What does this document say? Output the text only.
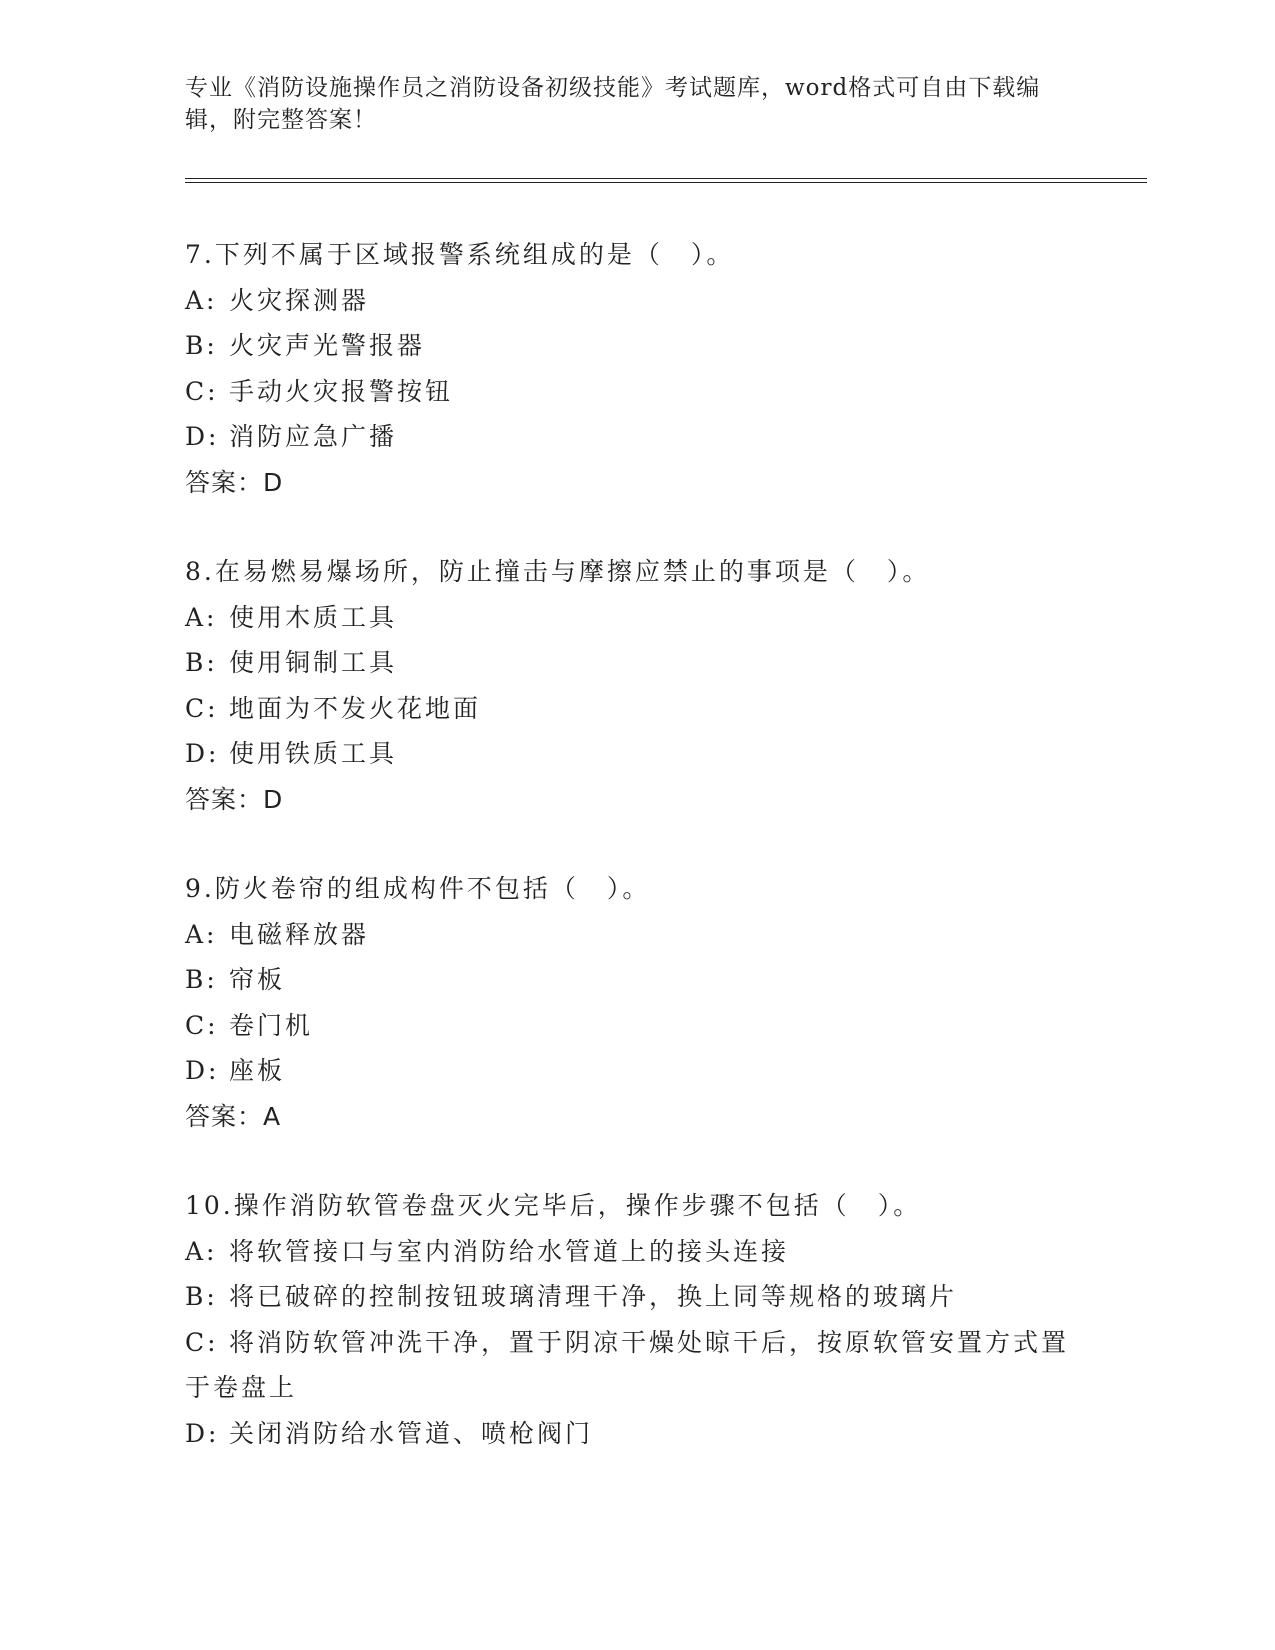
专业《消防设施操作员之消防设备初级技能》考试题库，word格式可自由下载编辑，附完整答案！
7.下列不属于区域报警系统组成的是（　）。
A: 火灾探测器
B: 火灾声光警报器
C: 手动火灾报警按钮
D: 消防应急广播
答案：D
8.在易燃易爆场所，防止撞击与摩擦应禁止的事项是（　）。
A: 使用木质工具
B: 使用铜制工具
C: 地面为不发火花地面
D: 使用铁质工具
答案：D
9.防火卷帘的组成构件不包括（　）。
A: 电磁释放器
B: 帘板
C: 卷门机
D: 座板
答案：A
10.操作消防软管卷盘灭火完毕后，操作步骤不包括（　）。
A: 将软管接口与室内消防给水管道上的接头连接
B: 将已破碎的控制按钮玻璃清理干净，换上同等规格的玻璃片
C: 将消防软管冲洗干净，置于阴凉干燥处晾干后，按原软管安置方式置于卷盘上
D: 关闭消防给水管道、喷枪阀门
